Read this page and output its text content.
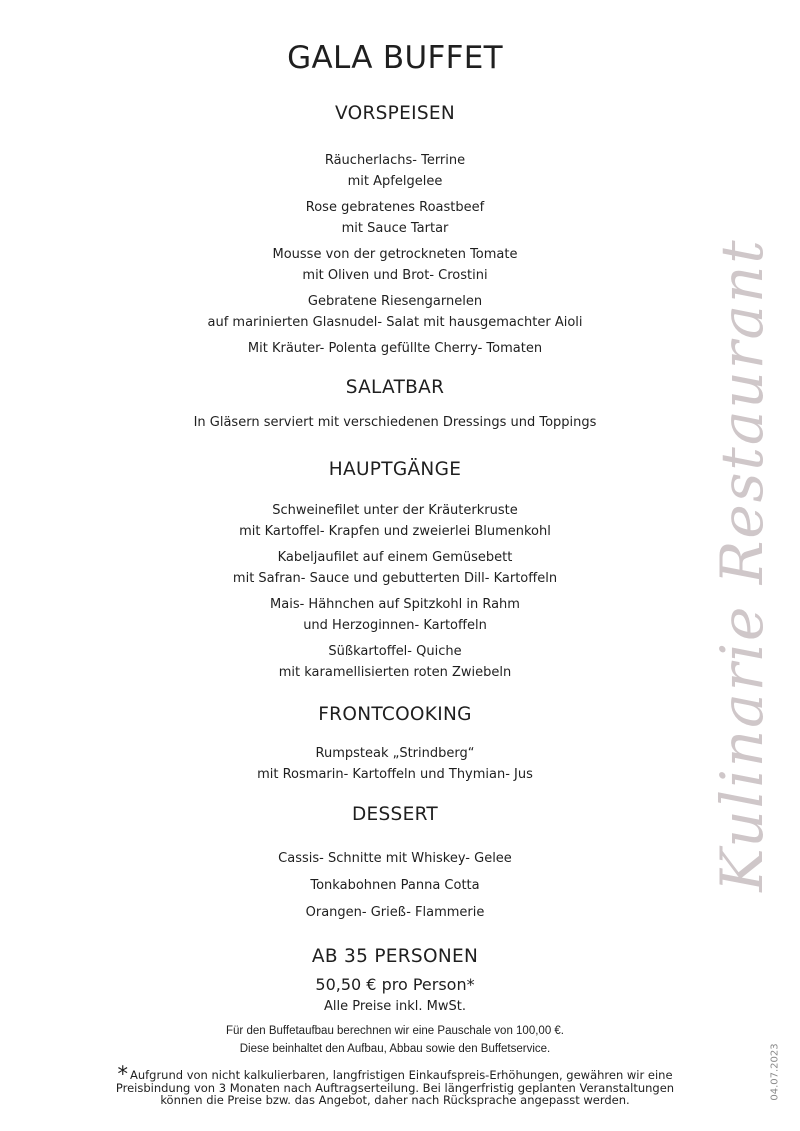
GALA BUFFET
VORSPEISEN
Räucherlachs- Terrine
mit Apfelgelee
Rose gebratenes Roastbeef
mit Sauce Tartar
Mousse von der getrockneten Tomate
mit Oliven und Brot- Crostini
Gebratene Riesengarnelen
auf marinierten Glasnudel- Salat mit hausgemachter Aioli
Mit Kräuter- Polenta gefüllte Cherry- Tomaten
SALATBAR
In Gläsern serviert mit verschiedenen Dressings und Toppings
HAUPTGÄNGE
Schweinefilet unter der Kräuterkruste
mit Kartoffel- Krapfen und zweierlei Blumenkohl
Kabeljaufilet auf einem Gemüsebett
mit Safran- Sauce und gebutterten Dill- Kartoffeln
Mais- Hähnchen auf Spitzkohl in Rahm
und Herzoginnen- Kartoffeln
Süßkartoffel- Quiche
mit karamellisierten roten Zwiebeln
FRONTCOOKING
Rumpsteak „Strindberg“
mit Rosmarin- Kartoffeln und Thymian- Jus
DESSERT
Cassis- Schnitte mit Whiskey- Gelee
Tonkabohnen Panna Cotta
Orangen- Grieß- Flammerie
AB 35 PERSONEN
50,50 € pro Person*
Alle Preise inkl. MwSt.
Für den Buffetaufbau berechnen wir eine Pauschale von 100,00 €.
Diese beinhaltet den Aufbau, Abbau sowie den Buffetservice.
* Aufgrund von nicht kalkulierbaren, langfristigen Einkaufspreis-Erhöhungen, gewähren wir eine
Preisbindung von 3 Monaten nach Auftragserteilung. Bei längerfristig geplanten Veranstaltungen
können die Preise bzw. das Angebot, daher nach Rücksprache angepasst werden.
Kulinarie Restaurant
04.07.2023
